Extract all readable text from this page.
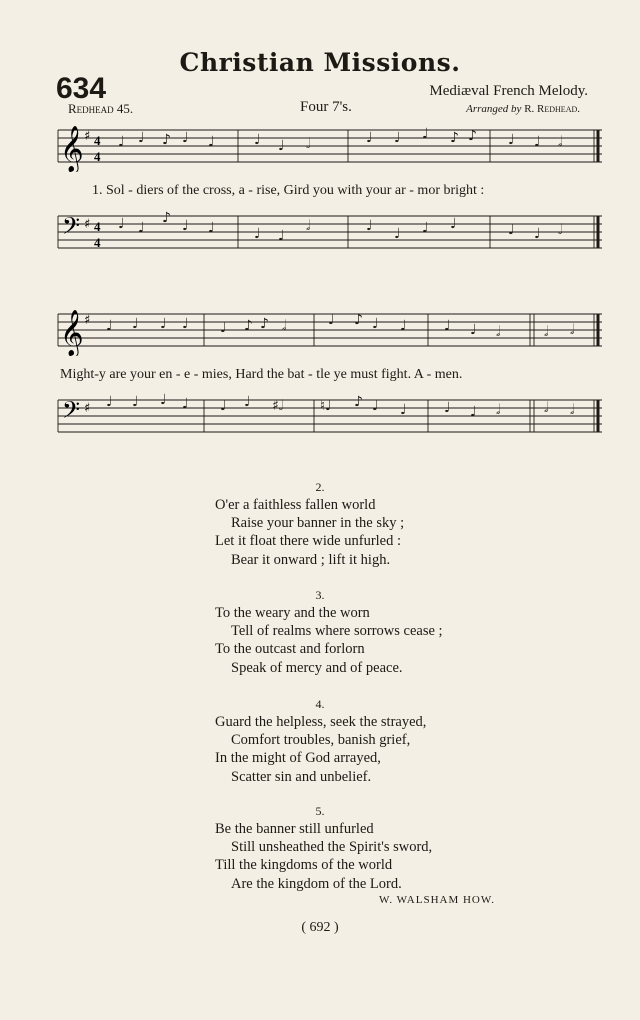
Christian Missions.
634
Redhead 45.	Four 7's.
Mediæval French Melody.
Arranged by R. Redhead.
𝄞 ♯ 4
4
♩ ♩ ♪ ♩ ♩	♩ ♩ 𝅗𝅥	♩ ♩ ♩ ♪ ♪ ♩ ♩ 𝅗𝅥
1. Sol - diers of the cross, a - rise, Gird you with your ar - mor bright :
𝄢 ♯ 4
4
♩ ♩
♪ ♩ ♩	♩ ♩
𝅗𝅥	♩ ♩ ♩ ♩	♩ ♩ 𝅗𝅥
𝄞 ♯ ♩ ♩ ♩ ♩ ♩ ♪ ♪ 𝅗𝅥	♩ ♪ ♩ ♩	♩ ♩ 𝅗𝅥	𝅗𝅥 𝅗𝅥
Might-y are your en - e - mies, Hard the bat - tle ye must fight. A - men.
𝄢 ♯ ♩ ♩ ♩ ♩ ♩ ♩ ♯𝅗𝅥	♮♩ ♪ ♩ ♩	♩ ♩ 𝅗𝅥	𝅗𝅥 𝅗𝅥
2.
O'er a faithless fallen world
Raise your banner in the sky ;
Let it float there wide unfurled :
Bear it onward ; lift it high.
3.
To the weary and the worn
Tell of realms where sorrows cease ;
To the outcast and forlorn
Speak of mercy and of peace.
4.
Guard the helpless, seek the strayed,
Comfort troubles, banish grief,
In the might of God arrayed,
Scatter sin and unbelief.
5.
Be the banner still unfurled
Still unsheathed the Spirit's sword,
Till the kingdoms of the world
Are the kingdom of the Lord.
W. WALSHAM HOW.
( 692 )
